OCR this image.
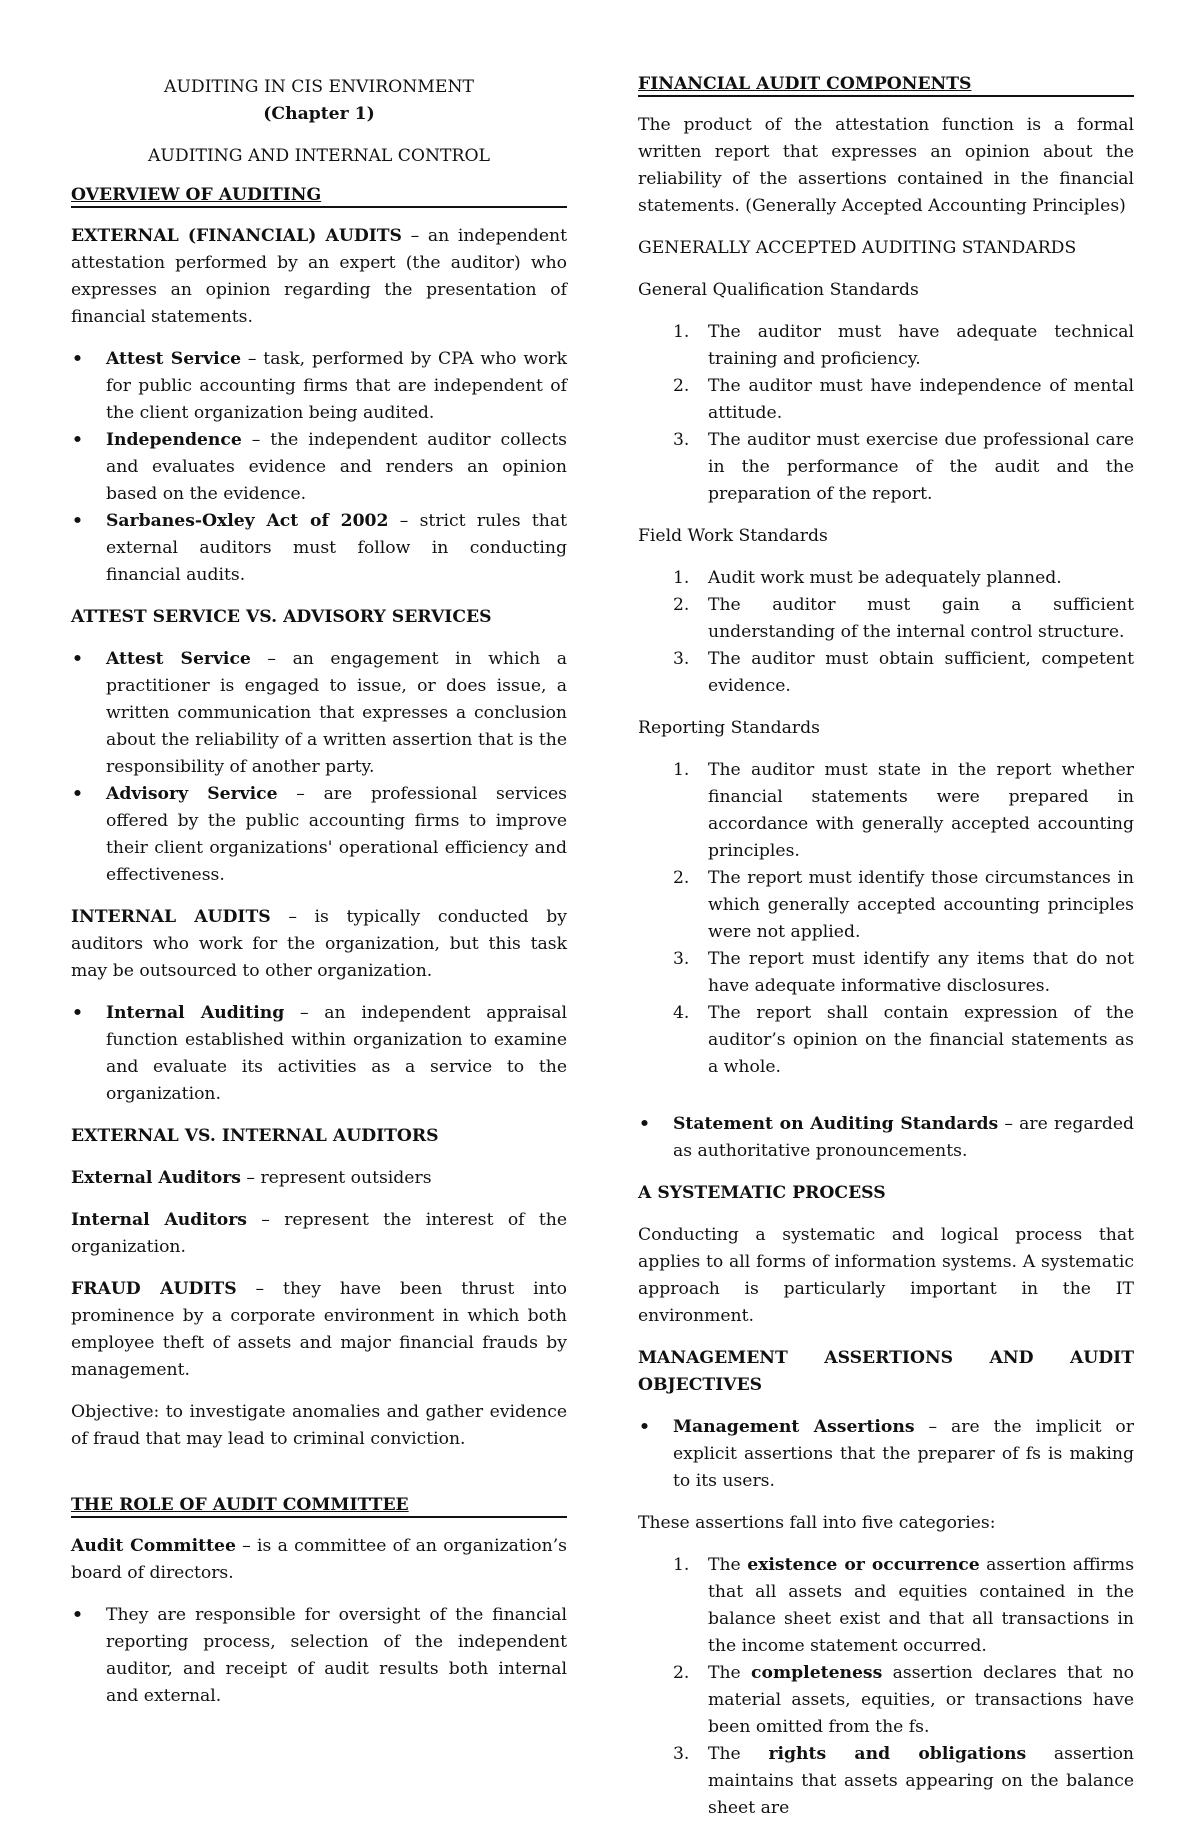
AUDITING IN CIS ENVIRONMENT

(Chapter 1)

AUDITING AND INTERNAL CONTROL

OVERVIEW OF AUDITING

EXTERNAL (FINANCIAL) AUDITS – an independent attestation performed by an expert (the auditor) who expresses an opinion regarding the presentation of financial statements.

• Attest Service – task, performed by CPA who work for public accounting firms that are independent of the client organization being audited.
• Independence – the independent auditor collects and evaluates evidence and renders an opinion based on the evidence.
• Sarbanes-Oxley Act of 2002 – strict rules that external auditors must follow in conducting financial audits.

ATTEST SERVICE VS. ADVISORY SERVICES

• Attest Service – an engagement in which a practitioner is engaged to issue, or does issue, a written communication that expresses a conclusion about the reliability of a written assertion that is the responsibility of another party.
• Advisory Service – are professional services offered by the public accounting firms to improve their client organizations' operational efficiency and effectiveness.

INTERNAL AUDITS – is typically conducted by auditors who work for the organization, but this task may be outsourced to other organization.

• Internal Auditing – an independent appraisal function established within organization to examine and evaluate its activities as a service to the organization.

EXTERNAL VS. INTERNAL AUDITORS

External Auditors – represent outsiders

Internal Auditors – represent the interest of the organization.

FRAUD AUDITS – they have been thrust into prominence by a corporate environment in which both employee theft of assets and major financial frauds by management.

Objective: to investigate anomalies and gather evidence of fraud that may lead to criminal conviction.

THE ROLE OF AUDIT COMMITTEE

Audit Committee – is a committee of an organization’s board of directors.

• They are responsible for oversight of the financial reporting process, selection of the independent auditor, and receipt of audit results both internal and external.
FINANCIAL AUDIT COMPONENTS

The product of the attestation function is a formal written report that expresses an opinion about the reliability of the assertions contained in the financial statements. (Generally Accepted Accounting Principles)

GENERALLY ACCEPTED AUDITING STANDARDS

General Qualification Standards

1. The auditor must have adequate technical training and proficiency.
2. The auditor must have independence of mental attitude.
3. The auditor must exercise due professional care in the performance of the audit and the preparation of the report.

Field Work Standards

1. Audit work must be adequately planned.
2. The auditor must gain a sufficient understanding of the internal control structure.
3. The auditor must obtain sufficient, competent evidence.

Reporting Standards

1. The auditor must state in the report whether financial statements were prepared in accordance with generally accepted accounting principles.
2. The report must identify those circumstances in which generally accepted accounting principles were not applied.
3. The report must identify any items that do not have adequate informative disclosures.
4. The report shall contain expression of the auditor’s opinion on the financial statements as a whole.
• Statement on Auditing Standards – are regarded as authoritative pronouncements.

A SYSTEMATIC PROCESS

Conducting a systematic and logical process that applies to all forms of information systems. A systematic approach is particularly important in the IT environment.

MANAGEMENT ASSERTIONS AND AUDIT OBJECTIVES

• Management Assertions – are the implicit or explicit assertions that the preparer of fs is making to its users.

These assertions fall into five categories:

1. The existence or occurrence assertion affirms that all assets and equities contained in the balance sheet exist and that all transactions in the income statement occurred.
2. The completeness assertion declares that no material assets, equities, or transactions have been omitted from the fs.
3. The rights and obligations assertion maintains that assets appearing on the balance sheet are
